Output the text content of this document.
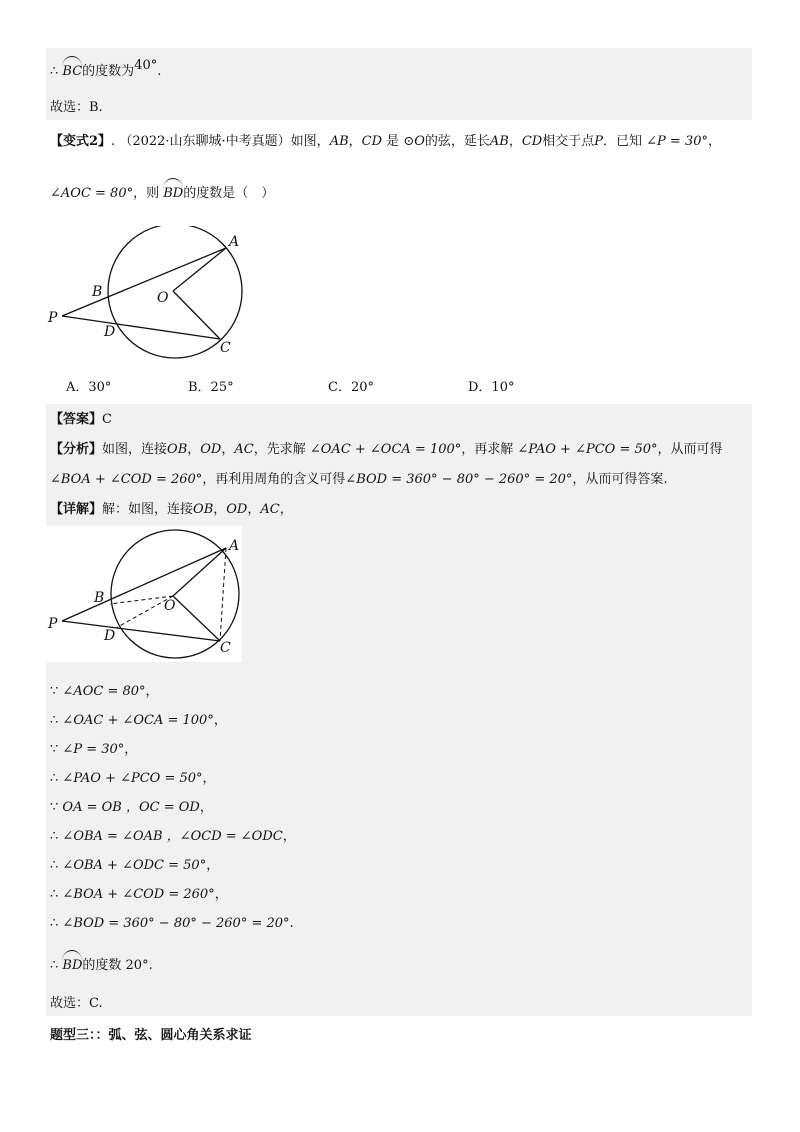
∴ BC的度数为40°.
故选：B.
【变式2】. （2022·山东聊城·中考真题）如图，AB，CD 是 ⊙O的弦，延长AB，CD相交于点P．已知 ∠P = 30°，
∠AOC = 80°，则 BD的度数是（　）
A
B	O
P
D
C
A．30°	B．25°	C．20°	D．10°
【答案】C
【分析】如图，连接OB，OD，AC，先求解 ∠OAC + ∠OCA = 100°，再求解 ∠PAO + ∠PCO = 50°，从而可得
∠BOA + ∠COD = 260°，再利用周角的含义可得∠BOD = 360° − 80° − 260° = 20°，从而可得答案.
【详解】解：如图，连接OB，OD，AC，
A
B	O
P
D
C
∵ ∠AOC = 80°，
∴ ∠OAC + ∠OCA = 100°，
∵ ∠P = 30°，
∴ ∠PAO + ∠PCO = 50°，
∵ OA = OB ，OC = OD，
∴ ∠OBA = ∠OAB ，∠OCD = ∠ODC，
∴ ∠OBA + ∠ODC = 50°，
∴ ∠BOA + ∠COD = 260°，
∴ ∠BOD = 360° − 80° − 260° = 20°.
∴ BD的度数 20°.
故选：C.
题型三：：弧、弦、圆心角关系求证
